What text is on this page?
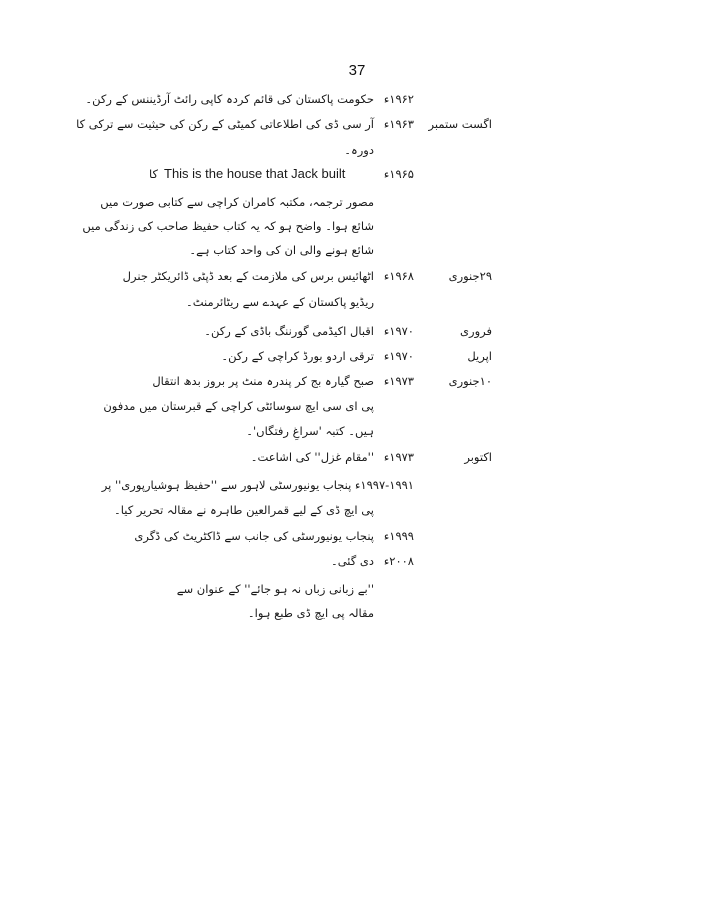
37
۱۹۶۲ء
حکومت پاکستان کی قائم کردہ کاپی رائٹ آرڈیننس کے رکن۔
اگست ستمبر
۱۹۶۳ء
آر سی ڈی کی اطلاعاتی کمیٹی کے رکن کی حیثیت سے ترکی کا
دورہ۔
۱۹۶۵ء
This is the house that Jack built
کا
مصور ترجمہ، مکتبہ کامران کراچی سے کتابی صورت میں
شائع ہوا۔ واضح ہو کہ یہ کتاب حفیظ صاحب کی زندگی میں
شائع ہونے والی ان کی واحد کتاب ہے۔
۲۹جنوری
۱۹۶۸ء
اٹھائیس برس کی ملازمت کے بعد ڈپٹی ڈائریکٹر جنرل
ریڈیو پاکستان کے عہدے سے ریٹائرمنٹ۔
فروری
۱۹۷۰ء
اقبال اکیڈمی گورننگ باڈی کے رکن۔
اپریل
۱۹۷۰ء
ترقی اردو بورڈ کراچی کے رکن۔
۱۰جنوری
۱۹۷۳ء
صبح گیارہ بج کر پندرہ منٹ پر بروز بدھ انتقال
پی ای سی ایچ سوسائٹی کراچی کے قبرستان میں مدفون
ہیں۔ کتبہ 'سراغِ رفتگاں'۔
اکتوبر
۱۹۷۳ء
''مقام غزل'' کی اشاعت۔
۱۹۹۷-۱۹۹۱ء پنجاب یونیورسٹی لاہور سے ''حفیظ ہوشیارپوری'' پر
پی ایچ ڈی کے لیے قمرالعین طاہرہ نے مقالہ تحریر کیا۔
۱۹۹۹ء
پنجاب یونیورسٹی کی جانب سے ڈاکٹریٹ کی ڈگری
دی گئی۔ ۲۰۰۸ء
''بے زبانی زباں نہ ہو جائے'' کے عنوان سے
مقالہ پی ایچ ڈی طبع ہوا۔
